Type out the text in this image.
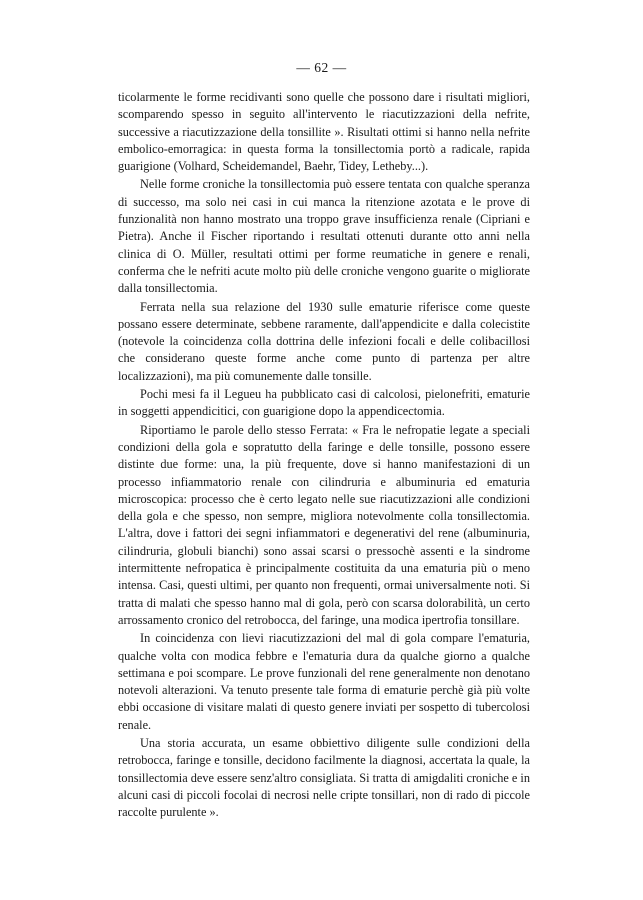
— 62 —

ticolarmente le forme recidivanti sono quelle che possono dare i risultati migliori, scomparendo spesso in seguito all'intervento le riacutizzazioni della nefrite, successive a riacutizzazione della tonsillite ». Risultati ottimi si hanno nella nefrite embolico-emorragica: in questa forma la tonsillectomia portò a radicale, rapida guarigione (Volhard, Scheidemandel, Baehr, Tidey, Letheby...).

Nelle forme croniche la tonsillectomia può essere tentata con qualche speranza di successo, ma solo nei casi in cui manca la ritenzione azotata e le prove di funzionalità non hanno mostrato una troppo grave insufficienza renale (Cipriani e Pietra). Anche il Fischer riportando i resultati ottenuti durante otto anni nella clinica di O. Müller, resultati ottimi per forme reumatiche in genere e renali, conferma che le nefriti acute molto più delle croniche vengono guarite o migliorate dalla tonsillectomia.

Ferrata nella sua relazione del 1930 sulle ematurie riferisce come queste possano essere determinate, sebbene raramente, dall'appendicite e dalla colecistite (notevole la coincidenza colla dottrina delle infezioni focali e delle colibacillosi che considerano queste forme anche come punto di partenza per altre localizzazioni), ma più comunemente dalle tonsille.

Pochi mesi fa il Legueu ha pubblicato casi di calcolosi, pielonefriti, ematurie in soggetti appendicitici, con guarigione dopo la appendicectomia.

Riportiamo le parole dello stesso Ferrata: « Fra le nefropatie legate a speciali condizioni della gola e sopratutto della faringe e delle tonsille, possono essere distinte due forme: una, la più frequente, dove si hanno manifestazioni di un processo infiammatorio renale con cilindruria e albuminuria ed ematuria microscopica: processo che è certo legato nelle sue riacutizzazioni alle condizioni della gola e che spesso, non sempre, migliora notevolmente colla tonsillectomia. L'altra, dove i fattori dei segni infiammatori e degenerativi del rene (albuminuria, cilindruria, globuli bianchi) sono assai scarsi o pressochè assenti e la sindrome intermittente nefropatica è principalmente costituita da una ematuria più o meno intensa. Casi, questi ultimi, per quanto non frequenti, ormai universalmente noti. Si tratta di malati che spesso hanno mal di gola, però con scarsa dolorabilità, un certo arrossamento cronico del retrobocca, del faringe, una modica ipertrofia tonsillare.

In coincidenza con lievi riacutizzazioni del mal di gola compare l'ematuria, qualche volta con modica febbre e l'ematuria dura da qualche giorno a qualche settimana e poi scompare. Le prove funzionali del rene generalmente non denotano notevoli alterazioni. Va tenuto presente tale forma di ematurie perchè già più volte ebbi occasione di visitare malati di questo genere inviati per sospetto di tubercolosi renale.

Una storia accurata, un esame obbiettivo diligente sulle condizioni della retrobocca, faringe e tonsille, decidono facilmente la diagnosi, accertata la quale, la tonsillectomia deve essere senz'altro consigliata. Si tratta di amigdaliti croniche e in alcuni casi di piccoli focolai di necrosi nelle cripte tonsillari, non di rado di piccole raccolte purulente ».
